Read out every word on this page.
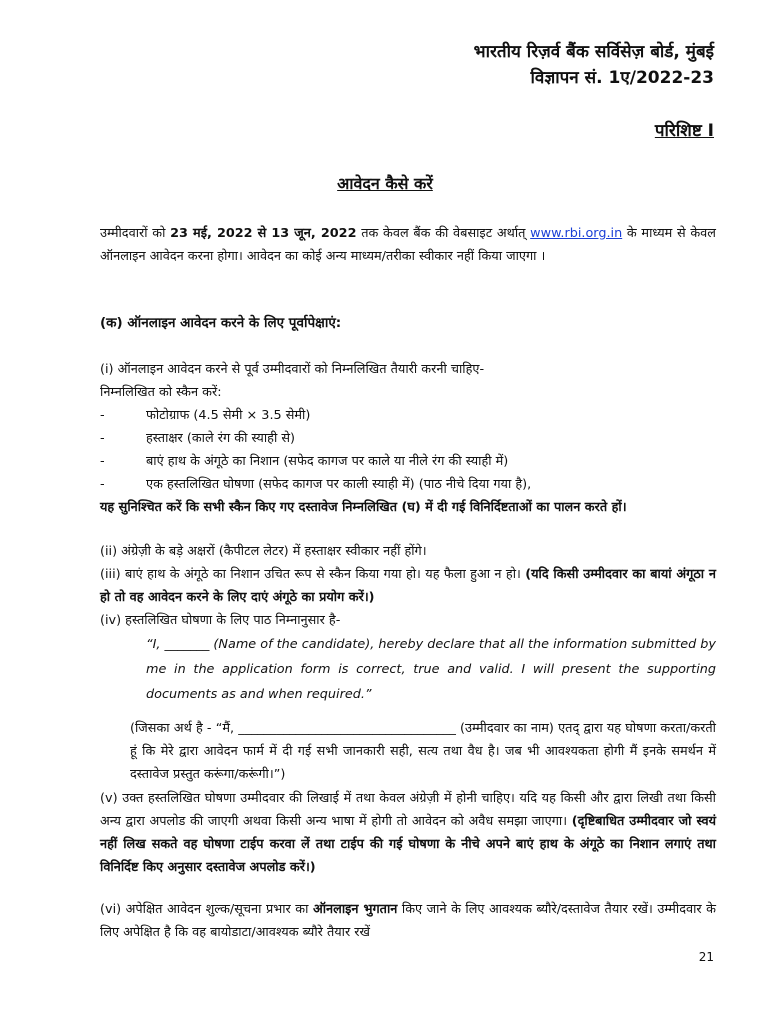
भारतीय रिज़र्व बैंक सर्विसेज़ बोर्ड, मुंबई
विज्ञापन सं. 1ए/2022-23
परिशिष्ट I
आवेदन कैसे करें
उम्मीदवारों को 23 मई, 2022 से 13 जून, 2022 तक केवल बैंक की वेबसाइट अर्थात् www.rbi.org.in के माध्यम से केवल ऑनलाइन आवेदन करना होगा। आवेदन का कोई अन्य माध्यम/तरीका स्वीकार नहीं किया जाएगा ।
(क) ऑनलाइन आवेदन करने के लिए पूर्वापेक्षाएं:
(i) ऑनलाइन आवेदन करने से पूर्व उम्मीदवारों को निम्नलिखित तैयारी करनी चाहिए-
निम्नलिखित को स्कैन करें:
-	फोटोग्राफ (4.5 सेमी × 3.5 सेमी)
-	हस्ताक्षर (काले रंग की स्याही से)
-	बाएं हाथ के अंगूठे का निशान (सफेद कागज पर काले या नीले रंग की स्याही में)
-	एक हस्तलिखित घोषणा (सफेद कागज पर काली स्याही में) (पाठ नीचे दिया गया है),
यह सुनिश्चित करें कि सभी स्कैन किए गए दस्तावेज निम्नलिखित (घ) में दी गई विनिर्दिष्टताओं का पालन करते हों।
(ii) अंग्रेज़ी के बड़े अक्षरों (कैपीटल लेटर) में हस्ताक्षर स्वीकार नहीं होंगे।
(iii) बाएं हाथ के अंगूठे का निशान उचित रूप से स्कैन किया गया हो। यह फैला हुआ न हो। (यदि किसी उम्मीदवार का बायां अंगूठा न हो तो वह आवेदन करने के लिए दाएं अंगूठे का प्रयोग करें।)
(iv) हस्तलिखित घोषणा के लिए पाठ निम्नानुसार है-
“I, _______ (Name of the candidate), hereby declare that all the information submitted by me in the application form is correct, true and valid. I will present the supporting documents as and when required.”
(जिसका अर्थ है - “मैं, __________________________________ (उम्मीदवार का नाम) एतद् द्वारा यह घोषणा करता/करती हूं कि मेरे द्वारा आवेदन फार्म में दी गई सभी जानकारी सही, सत्य तथा वैध है। जब भी आवश्यकता होगी मैं इनके समर्थन में दस्तावेज प्रस्तुत करूंगा/करूंगी।”)
(v) उक्त हस्तलिखित घोषणा उम्मीदवार की लिखाई में तथा केवल अंग्रेज़ी में होनी चाहिए। यदि यह किसी और द्वारा लिखी तथा किसी अन्य द्वारा अपलोड की जाएगी अथवा किसी अन्य भाषा में होगी तो आवेदन को अवैध समझा जाएगा। (दृष्टिबाधित उम्मीदवार जो स्वयं नहीं लिख सकते वह घोषणा टाईप करवा लें तथा टाईप की गई घोषणा के नीचे अपने बाएं हाथ के अंगूठे का निशान लगाएं तथा विनिर्दिष्ट किए अनुसार दस्तावेज अपलोड करें।)
(vi) अपेक्षित आवेदन शुल्क/सूचना प्रभार का ऑनलाइन भुगतान किए जाने के लिए आवश्यक ब्यौरे/दस्तावेज तैयार रखें। उम्मीदवार के लिए अपेक्षित है कि वह बायोडाटा/आवश्यक ब्यौरे तैयार रखें
21
